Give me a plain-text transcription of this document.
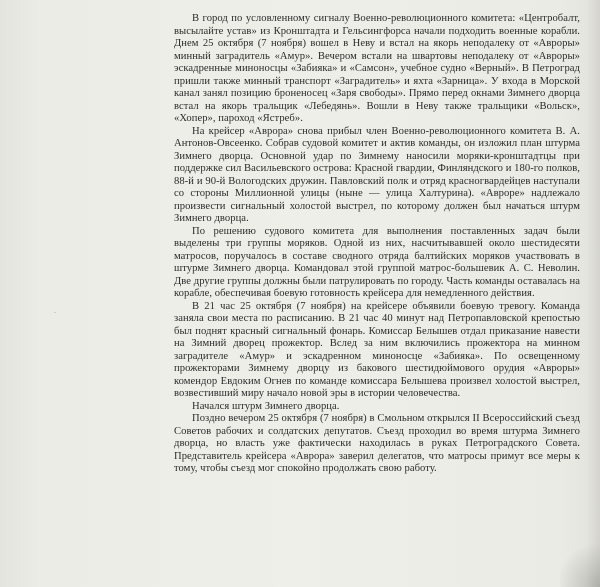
·

В город по условленному сигналу Военно-революционного комитета: «Центробалт, высылайте устав» из Кронштадта и Гельсингфорса начали подходить военные корабли. Днем 25 октября (7 ноября) вошел в Неву и встал на якорь неподалеку от «Авроры» минный заградитель «Амур». Вечером встали на швартовы неподалеку от «Авроры» эскадренные миноносцы «Забияка» и «Самсон», учебное судно «Верный». В Петроград пришли также минный транспорт «Заградитель» и яхта «Зарница». У входа в Морской канал занял позицию броненосец «Заря свободы». Прямо перед окнами Зимнего дворца встал на якорь тральщик «Лебедянь». Вошли в Неву также тральщики «Вольск», «Хопер», пароход «Ястреб».

На крейсер «Аврора» снова прибыл член Военно-революционного комитета В. А. Антонов-Овсеенко. Собрав судовой комитет и актив команды, он изложил план штурма Зимнего дворца. Основной удар по Зимнему наносили моряки-кронштадтцы при поддержке сил Васильевского острова: Красной гвардии, Финляндского и 180-го полков, 88-й и 90-й Вологодских дружин. Павловский полк и отряд красногвардейцев наступали со стороны Миллионной улицы (ныне — улица Халтурина). «Авроре» надлежало произвести сигнальный холостой выстрел, по которому должен был начаться штурм Зимнего дворца.

По решению судового комитета для выполнения поставленных задач были выделены три группы моряков. Одной из них, насчитывавшей около шестидесяти матросов, поручалось в составе сводного отряда балтийских моряков участвовать в штурме Зимнего дворца. Командовал этой группой матрос-большевик А. С. Неволин. Две другие группы должны были патрулировать по городу. Часть команды оставалась на корабле, обеспечивая боевую готовность крейсера для немедленного действия.

В 21 час 25 октября (7 ноября) на крейсере объявили боевую тревогу. Команда заняла свои места по расписанию. В 21 час 40 минут над Петропавловской крепостью был поднят красный сигнальный фонарь. Комиссар Белышев отдал приказание навести на Зимний дворец прожектор. Вслед за ним включились прожектора на минном заградителе «Амур» и эскадренном миноносце «Забияка». По освещенному прожекторами Зимнему дворцу из бакового шестидюймового орудия «Авроры» комендор Евдоким Огнев по команде комиссара Белышева произвел холостой выстрел, возвестивший миру начало новой эры в истории человечества.

Начался штурм Зимнего дворца.

Поздно вечером 25 октября (7 ноября) в Смольном открылся II Всероссийский съезд Советов рабочих и солдатских депутатов. Съезд проходил во время штурма Зимнего дворца, но власть уже фактически находилась в руках Петроградского Совета. Представитель крейсера «Аврора» заверил делегатов, что матросы примут все меры к тому, чтобы съезд мог спокойно продолжать свою работу.
